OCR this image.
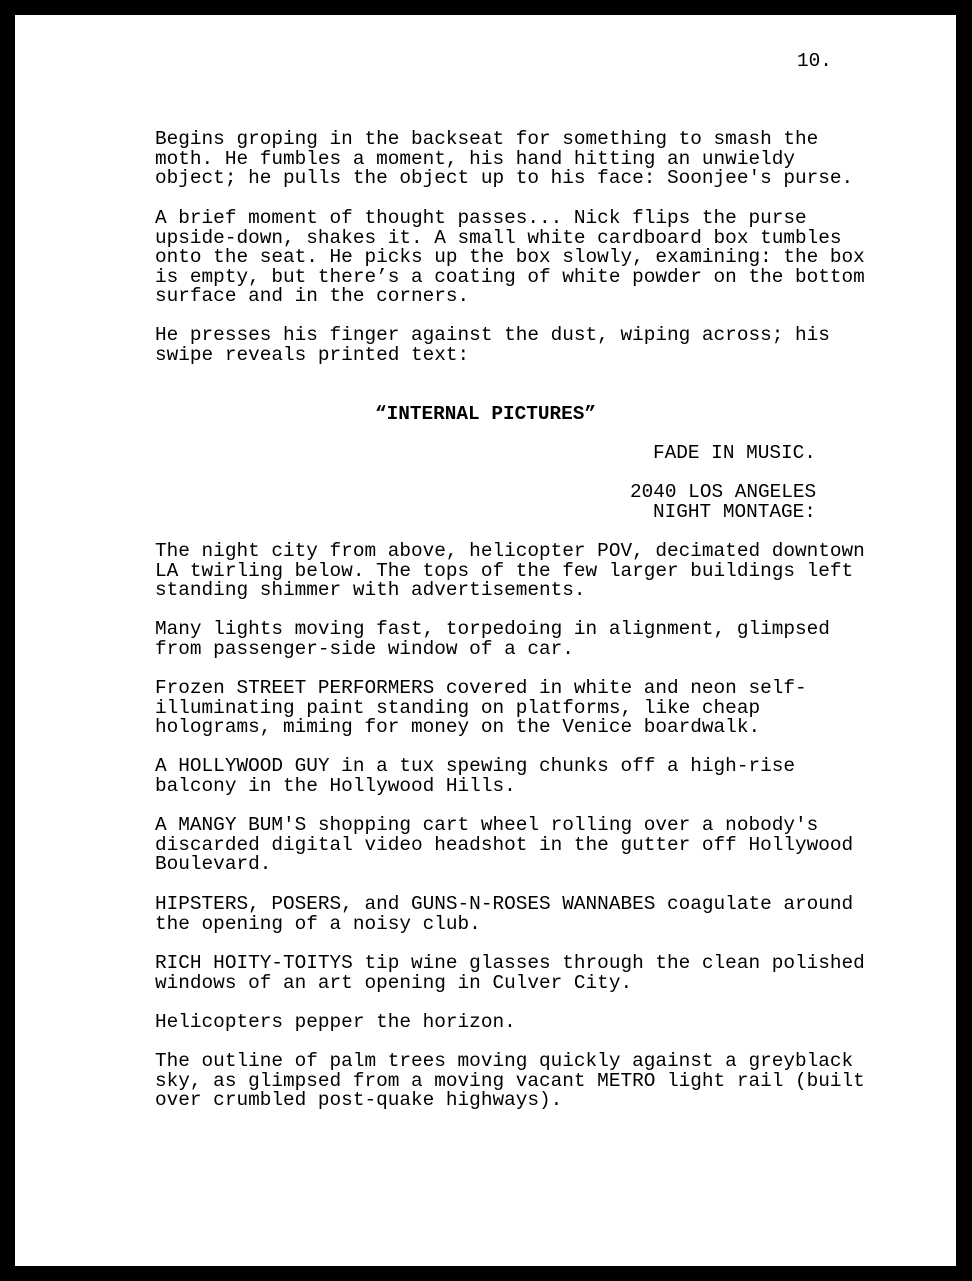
10.
Begins groping in the backseat for something to smash the
moth. He fumbles a moment, his hand hitting an unwieldy
object; he pulls the object up to his face: Soonjee's purse.
A brief moment of thought passes... Nick flips the purse
upside-down, shakes it. A small white cardboard box tumbles
onto the seat. He picks up the box slowly, examining: the box
is empty, but there’s a coating of white powder on the bottom
surface and in the corners.
He presses his finger against the dust, wiping across; his
swipe reveals printed text:
“INTERNAL PICTURES”
FADE IN MUSIC.
2040 LOS ANGELES
NIGHT MONTAGE:
The night city from above, helicopter POV, decimated downtown
LA twirling below. The tops of the few larger buildings left
standing shimmer with advertisements.
Many lights moving fast, torpedoing in alignment, glimpsed
from passenger-side window of a car.
Frozen STREET PERFORMERS covered in white and neon self-
illuminating paint standing on platforms, like cheap
holograms, miming for money on the Venice boardwalk.
A HOLLYWOOD GUY in a tux spewing chunks off a high-rise
balcony in the Hollywood Hills.
A MANGY BUM'S shopping cart wheel rolling over a nobody's
discarded digital video headshot in the gutter off Hollywood
Boulevard.
HIPSTERS, POSERS, and GUNS-N-ROSES WANNABES coagulate around
the opening of a noisy club.
RICH HOITY-TOITYS tip wine glasses through the clean polished
windows of an art opening in Culver City.
Helicopters pepper the horizon.
The outline of palm trees moving quickly against a greyblack
sky, as glimpsed from a moving vacant METRO light rail (built
over crumbled post-quake highways).
